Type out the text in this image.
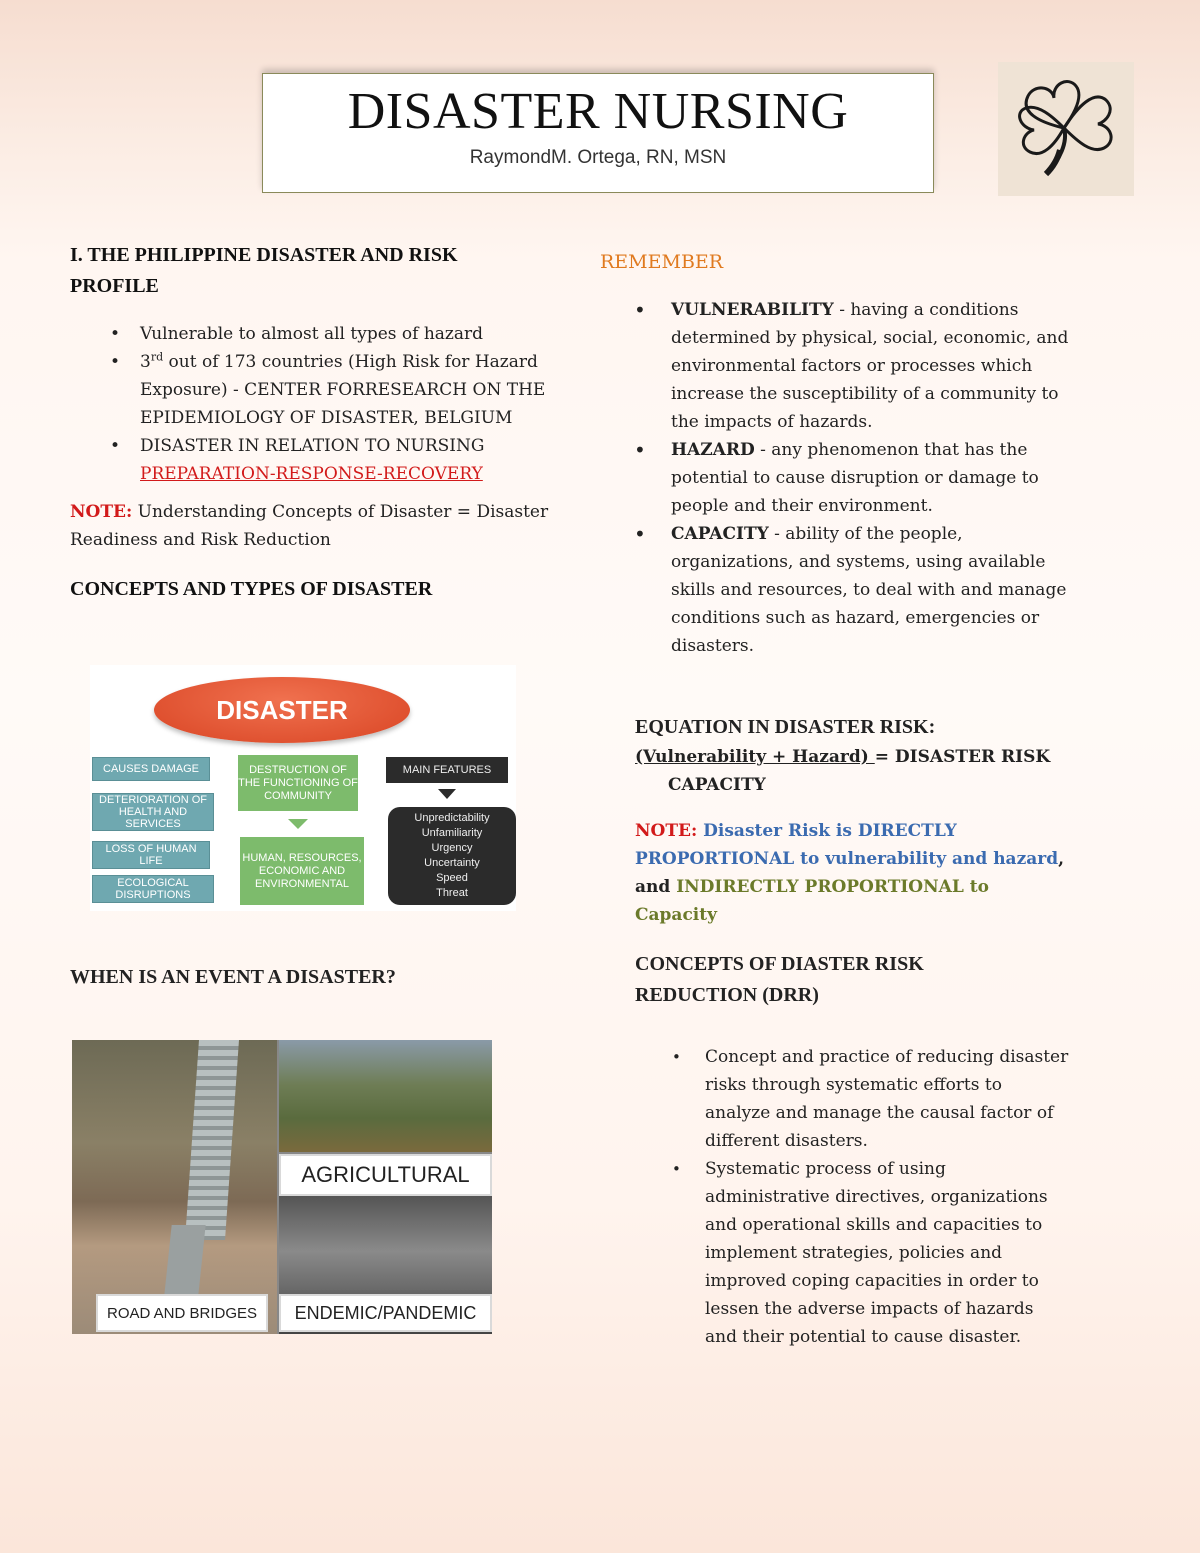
DISASTER NURSING
RaymondM. Ortega, RN, MSN
I. THE PHILIPPINE DISASTER AND RISK
PROFILE
• Vulnerable to almost all types of hazard
• 3rd out of 173 countries (High Risk for Hazard Exposure) - CENTER FORRESEARCH ON THE EPIDEMIOLOGY OF DISASTER, BELGIUM
• DISASTER IN RELATION TO NURSING
PREPARATION-RESPONSE-RECOVERY
NOTE: Understanding Concepts of Disaster = Disaster Readiness and Risk Reduction
CONCEPTS AND TYPES OF DISASTER
DISASTER
CAUSES DAMAGE
DETERIORATION OF HEALTH AND SERVICES
LOSS OF HUMAN LIFE
ECOLOGICAL DISRUPTIONS
DESTRUCTION OF THE FUNCTIONING OF COMMUNITY
HUMAN, RESOURCES, ECONOMIC AND ENVIRONMENTAL
MAIN FEATURES
Unpredictability
Unfamiliarity
Urgency
Uncertainty
Speed
Threat
WHEN IS AN EVENT A DISASTER?
AGRICULTURAL
ROAD AND BRIDGES	ENDEMIC/PANDEMIC
REMEMBER
• VULNERABILITY - having a conditions determined by physical, social, economic, and environmental factors or processes which increase the susceptibility of a community to the impacts of hazards.
• HAZARD - any phenomenon that has the potential to cause disruption or damage to people and their environment.
• CAPACITY - ability of the people, organizations, and systems, using available skills and resources, to deal with and manage conditions such as hazard, emergencies or disasters.
EQUATION IN DISASTER RISK:
(Vulnerability + Hazard) = DISASTER RISK
CAPACITY
NOTE: Disaster Risk is DIRECTLY PROPORTIONAL to vulnerability and hazard, and INDIRECTLY PROPORTIONAL to Capacity
CONCEPTS OF DIASTER RISK
REDUCTION (DRR)
• Concept and practice of reducing disaster risks through systematic efforts to analyze and manage the causal factor of different disasters.
• Systematic process of using administrative directives, organizations and operational skills and capacities to implement strategies, policies and improved coping capacities in order to lessen the adverse impacts of hazards and their potential to cause disaster.
